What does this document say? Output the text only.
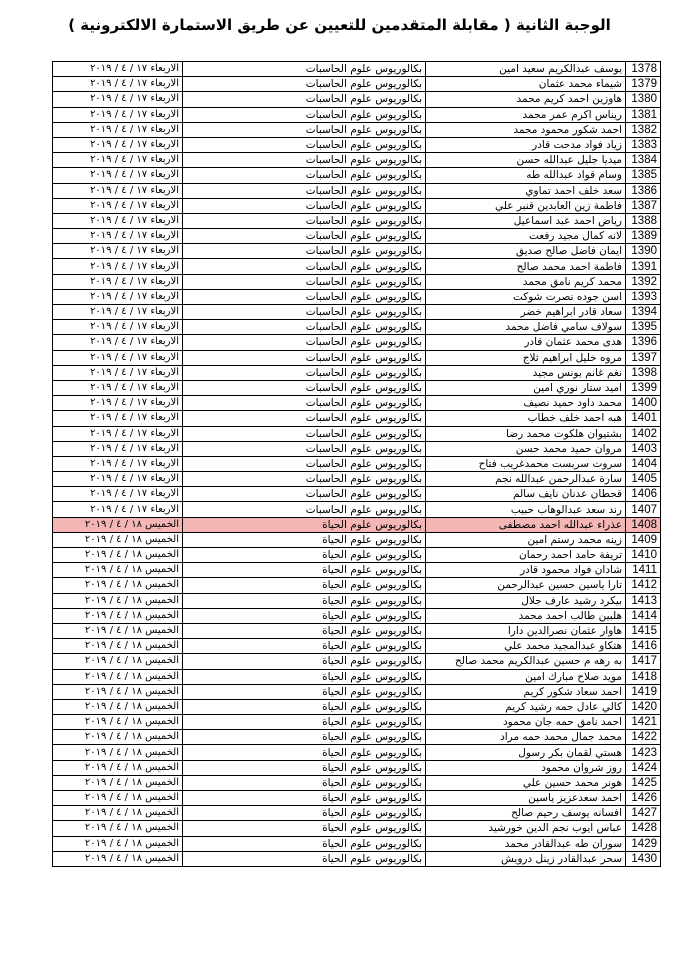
الوجبة الثانية ( مقابلة المتقدمين للتعيين عن طريق الاستمارة الالكترونية )
الاربعاء ١٧ / ٤ / ٢٠١٩	بكالوريوس علوم الحاسبات	يوسف عبدالكريم سعيد امين	1378
الاربعاء ١٧ / ٤ / ٢٠١٩	بكالوريوس علوم الحاسبات	شيماء محمد عثمان	1379
الاربعاء ١٧ / ٤ / ٢٠١٩	بكالوريوس علوم الحاسبات	هاوزين احمد كريم محمد	1380
الاربعاء ١٧ / ٤ / ٢٠١٩	بكالوريوس علوم الحاسبات	ريناس اكرم عمر محمد	1381
الاربعاء ١٧ / ٤ / ٢٠١٩	بكالوريوس علوم الحاسبات	احمد شكور محمود محمد	1382
الاربعاء ١٧ / ٤ / ٢٠١٩	بكالوريوس علوم الحاسبات	زياد فواد مدحت قادر	1383
الاربعاء ١٧ / ٤ / ٢٠١٩	بكالوريوس علوم الحاسبات	ميديا جليل عبدالله حسن	1384
الاربعاء ١٧ / ٤ / ٢٠١٩	بكالوريوس علوم الحاسبات	وسام قواد عبدالله طه	1385
الاربعاء ١٧ / ٤ / ٢٠١٩	بكالوريوس علوم الحاسبات	سعد خلف احمد تماوي	1386
الاربعاء ١٧ / ٤ / ٢٠١٩	بكالوريوس علوم الحاسبات	فاطمة زين العابدين قنبر علي	1387
الاربعاء ١٧ / ٤ / ٢٠١٩	بكالوريوس علوم الحاسبات	رياض احمد عبد اسماعيل	1388
الاربعاء ١٧ / ٤ / ٢٠١٩	بكالوريوس علوم الحاسبات	لانه كمال مجيد رفعت	1389
الاربعاء ١٧ / ٤ / ٢٠١٩	بكالوريوس علوم الحاسبات	ايمان فاضل صالح صديق	1390
الاربعاء ١٧ / ٤ / ٢٠١٩	بكالوريوس علوم الحاسبات	فاطمة احمد محمد صالح	1391
الاربعاء ١٧ / ٤ / ٢٠١٩	بكالوريوس علوم الحاسبات	محمد كريم نامق محمد	1392
الاربعاء ١٧ / ٤ / ٢٠١٩	بكالوريوس علوم الحاسبات	اسن جوده نصرت شوكت	1393
الاربعاء ١٧ / ٤ / ٢٠١٩	بكالوريوس علوم الحاسبات	سعاد قادر ابراهيم خضر	1394
الاربعاء ١٧ / ٤ / ٢٠١٩	بكالوريوس علوم الحاسبات	سولاف سامي فاضل محمد	1395
الاربعاء ١٧ / ٤ / ٢٠١٩	بكالوريوس علوم الحاسبات	هدى محمد عثمان قادر	1396
الاربعاء ١٧ / ٤ / ٢٠١٩	بكالوريوس علوم الحاسبات	مروه خليل ابراهيم ثلاج	1397
الاربعاء ١٧ / ٤ / ٢٠١٩	بكالوريوس علوم الحاسبات	نغم غانم يونس مجيد	1398
الاربعاء ١٧ / ٤ / ٢٠١٩	بكالوريوس علوم الحاسبات	اميد ستار نوري امين	1399
الاربعاء ١٧ / ٤ / ٢٠١٩	بكالوريوس علوم الحاسبات	محمد داود حميد نصيف	1400
الاربعاء ١٧ / ٤ / ٢٠١٩	بكالوريوس علوم الحاسبات	هبه احمد خلف خطاب	1401
الاربعاء ١٧ / ٤ / ٢٠١٩	بكالوريوس علوم الحاسبات	بشتيوان هلكوت محمد رضا	1402
الاربعاء ١٧ / ٤ / ٢٠١٩	بكالوريوس علوم الحاسبات	مروان حميد محمد حسن	1403
الاربعاء ١٧ / ٤ / ٢٠١٩	بكالوريوس علوم الحاسبات	سروت سربست محمدغريب فتاح	1404
الاربعاء ١٧ / ٤ / ٢٠١٩	بكالوريوس علوم الحاسبات	سارة عبدالرحمن عبدالله نجم	1405
الاربعاء ١٧ / ٤ / ٢٠١٩	بكالوريوس علوم الحاسبات	قحطان عدنان نايف سالم	1406
الاربعاء ١٧ / ٤ / ٢٠١٩	بكالوريوس علوم الحاسبات	رند سعد عبدالوهاب حبيب	1407
الخميس ١٨ / ٤ / ٢٠١٩	بكالوريوس علوم الحياة	عذراء عبدالله احمد مصطفى	1408
الخميس ١٨ / ٤ / ٢٠١٩	بكالوريوس علوم الحياة	زينه محمد رستم امين	1409
الخميس ١٨ / ٤ / ٢٠١٩	بكالوريوس علوم الحياة	تريفة حامد احمد رحمان	1410
الخميس ١٨ / ٤ / ٢٠١٩	بكالوريوس علوم الحياة	شادان فواد محمود قادر	1411
الخميس ١٨ / ٤ / ٢٠١٩	بكالوريوس علوم الحياة	تارا ياسين حسين عبدالرحمن	1412
الخميس ١٨ / ٤ / ٢٠١٩	بكالوريوس علوم الحياة	بيكرد رشيد عارف جلال	1413
الخميس ١٨ / ٤ / ٢٠١٩	بكالوريوس علوم الحياة	هلبين طالب احمد محمد	1414
الخميس ١٨ / ٤ / ٢٠١٩	بكالوريوس علوم الحياة	هاوار عثمان نصرالدين دارا	1415
الخميس ١٨ / ٤ / ٢٠١٩	بكالوريوس علوم الحياة	هتكاو عبدالمجيد محمد علي	1416
الخميس ١٨ / ٤ / ٢٠١٩	بكالوريوس علوم الحياة	به رهه م حسين عبدالكريم محمد صالح	1417
الخميس ١٨ / ٤ / ٢٠١٩	بكالوريوس علوم الحياة	مويد صلاح مبارك امين	1418
الخميس ١٨ / ٤ / ٢٠١٩	بكالوريوس علوم الحياة	احمد سعاد شكور كريم	1419
الخميس ١٨ / ٤ / ٢٠١٩	بكالوريوس علوم الحياة	كالي عادل حمه رشيد كريم	1420
الخميس ١٨ / ٤ / ٢٠١٩	بكالوريوس علوم الحياة	احمد نامق حمه جان محمود	1421
الخميس ١٨ / ٤ / ٢٠١٩	بكالوريوس علوم الحياة	محمد جمال محمد حمه مراد	1422
الخميس ١٨ / ٤ / ٢٠١٩	بكالوريوس علوم الحياة	هستي لقمان بكر رسول	1423
الخميس ١٨ / ٤ / ٢٠١٩	بكالوريوس علوم الحياة	روز شروان محمود	1424
الخميس ١٨ / ٤ / ٢٠١٩	بكالوريوس علوم الحياة	هونر محمد حسين علي	1425
الخميس ١٨ / ٤ / ٢٠١٩	بكالوريوس علوم الحياة	احمد سعدعزيز ياسين	1426
الخميس ١٨ / ٤ / ٢٠١٩	بكالوريوس علوم الحياة	افسانه يوسف رحيم صالح	1427
الخميس ١٨ / ٤ / ٢٠١٩	بكالوريوس علوم الحياة	عباس ايوب نجم الدين خورشيد	1428
الخميس ١٨ / ٤ / ٢٠١٩	بكالوريوس علوم الحياة	سوران طه عبدالقادر محمد	1429
الخميس ١٨ / ٤ / ٢٠١٩	بكالوريوس علوم الحياة	سحر عبدالقادر زينل درويش	1430
